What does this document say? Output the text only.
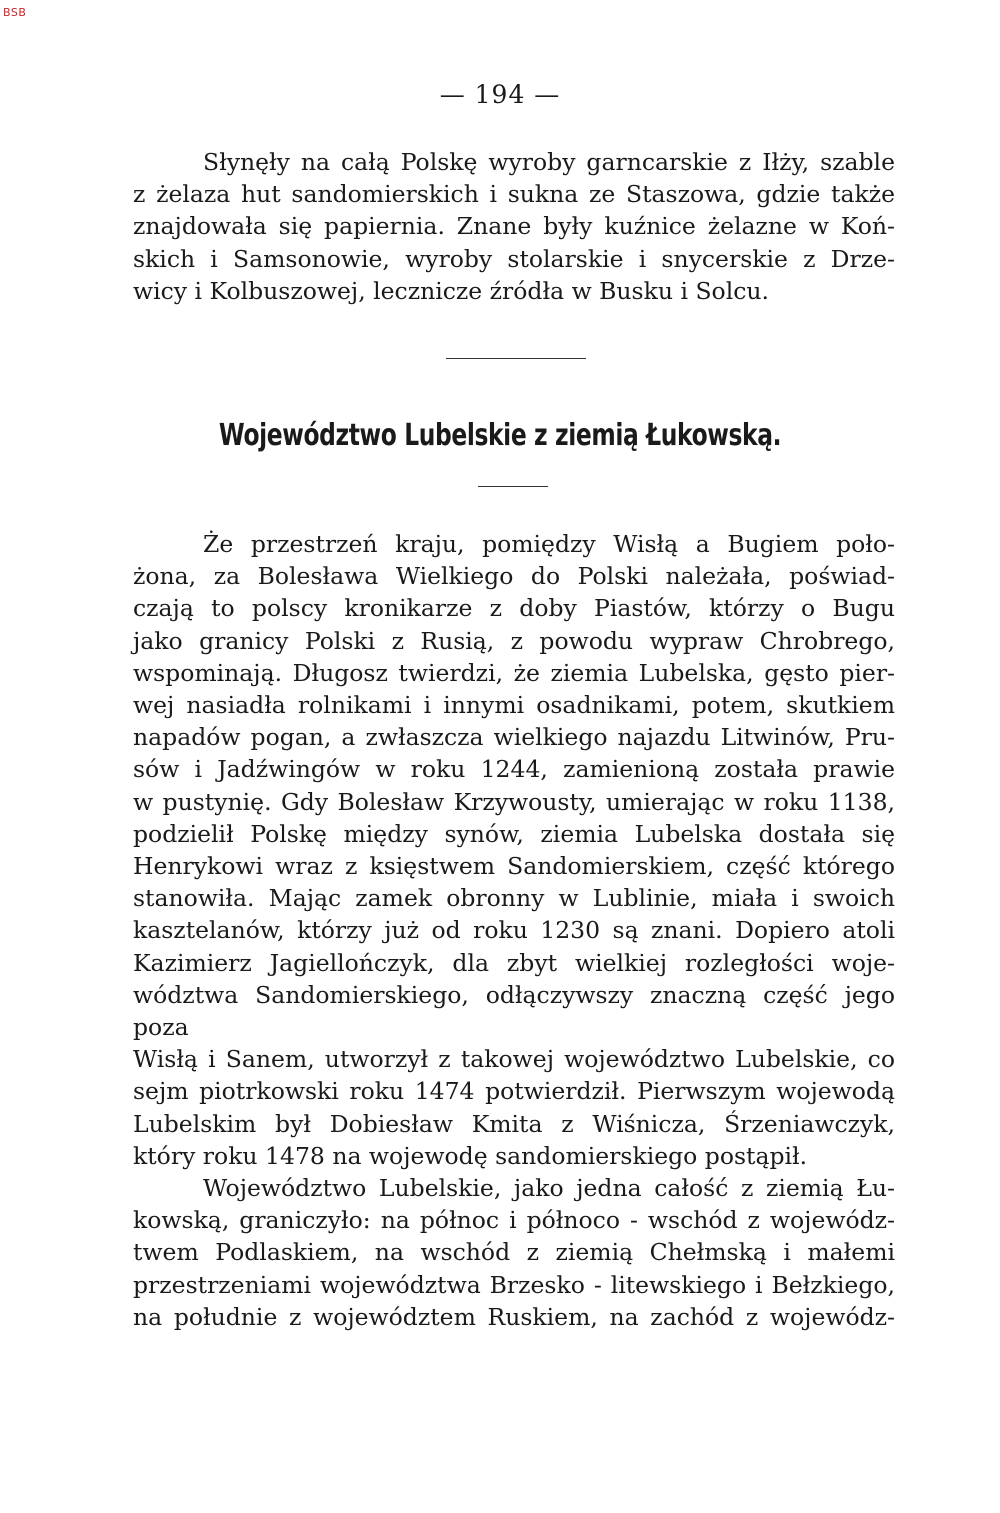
BSB
— 194 —

Słynęły na całą Polskę wyroby garncarskie z Iłży, szable
z żelaza hut sandomierskich i sukna ze Staszowa, gdzie także
znajdowała się papiernia. Znane były kuźnice żelazne w Koń-
skich i Samsonowie, wyroby stolarskie i snycerskie z Drze-
wicy i Kolbuszowej, lecznicze źródła w Busku i Solcu.

Województwo Lubelskie z ziemią Łukowską.

Że przestrzeń kraju, pomiędzy Wisłą a Bugiem poło-
żona, za Bolesława Wielkiego do Polski należała, poświad-
czają to polscy kronikarze z doby Piastów, którzy o Bugu
jako granicy Polski z Rusią, z powodu wypraw Chrobrego,
wspominają. Długosz twierdzi, że ziemia Lubelska, gęsto pier-
wej nasiadła rolnikami i innymi osadnikami, potem, skutkiem
napadów pogan, a zwłaszcza wielkiego najazdu Litwinów, Pru-
sów i Jadźwingów w roku 1244, zamienioną została prawie
w pustynię. Gdy Bolesław Krzywousty, umierając w roku 1138,
podzielił Polskę między synów, ziemia Lubelska dostała się
Henrykowi wraz z księstwem Sandomierskiem, część którego
stanowiła. Mając zamek obronny w Lublinie, miała i swoich
kasztelanów, którzy już od roku 1230 są znani. Dopiero atoli
Kazimierz Jagiellończyk, dla zbyt wielkiej rozległości woje-
wództwa Sandomierskiego, odłączywszy znaczną część jego poza
Wisłą i Sanem, utworzył z takowej województwo Lubelskie, co
sejm piotrkowski roku 1474 potwierdził. Pierwszym wojewodą
Lubelskim był Dobiesław Kmita z Wiśnicza, Śrzeniawczyk,
który roku 1478 na wojewodę sandomierskiego postąpił.

Województwo Lubelskie, jako jedna całość z ziemią Łu-
kowską, graniczyło: na północ i północo - wschód z wojewódz-
twem Podlaskiem, na wschód z ziemią Chełmską i małemi
przestrzeniami województwa Brzesko - litewskiego i Bełzkiego,
na południe z województem Ruskiem, na zachód z wojewódz-
